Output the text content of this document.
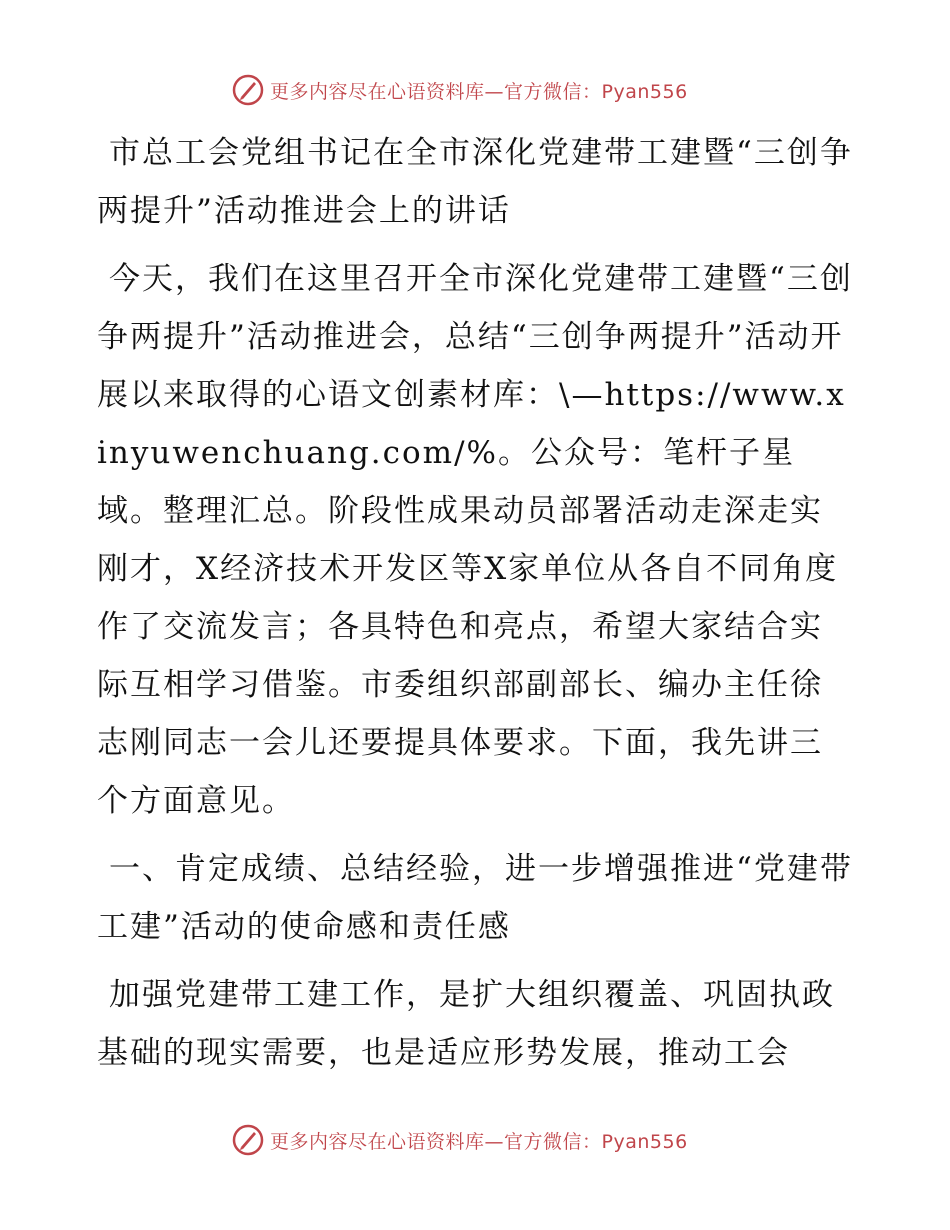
更多内容尽在心语资料库—官方微信：Pyan556

市总工会党组书记在全市深化党建带工建暨“三创争两提升”活动推进会上的讲话

今天，我们在这里召开全市深化党建带工建暨“三创争两提升”活动推进会，总结“三创争两提升”活动开展以来取得的心语文创素材库：\—https://www.xinyuwenchuang.com/%。公众号：笔杆子星域。整理汇总。阶段性成果动员部署活动走深走实刚才，X经济技术开发区等X家单位从各自不同角度作了交流发言；各具特色和亮点，希望大家结合实际互相学习借鉴。市委组织部副部长、编办主任徐志刚同志一会儿还要提具体要求。下面，我先讲三个方面意见。

一、肯定成绩、总结经验，进一步增强推进“党建带工建”活动的使命感和责任感

加强党建带工建工作，是扩大组织覆盖、巩固执政基础的现实需要，也是适应形势发展，推动工会

更多内容尽在心语资料库—官方微信：Pyan556
